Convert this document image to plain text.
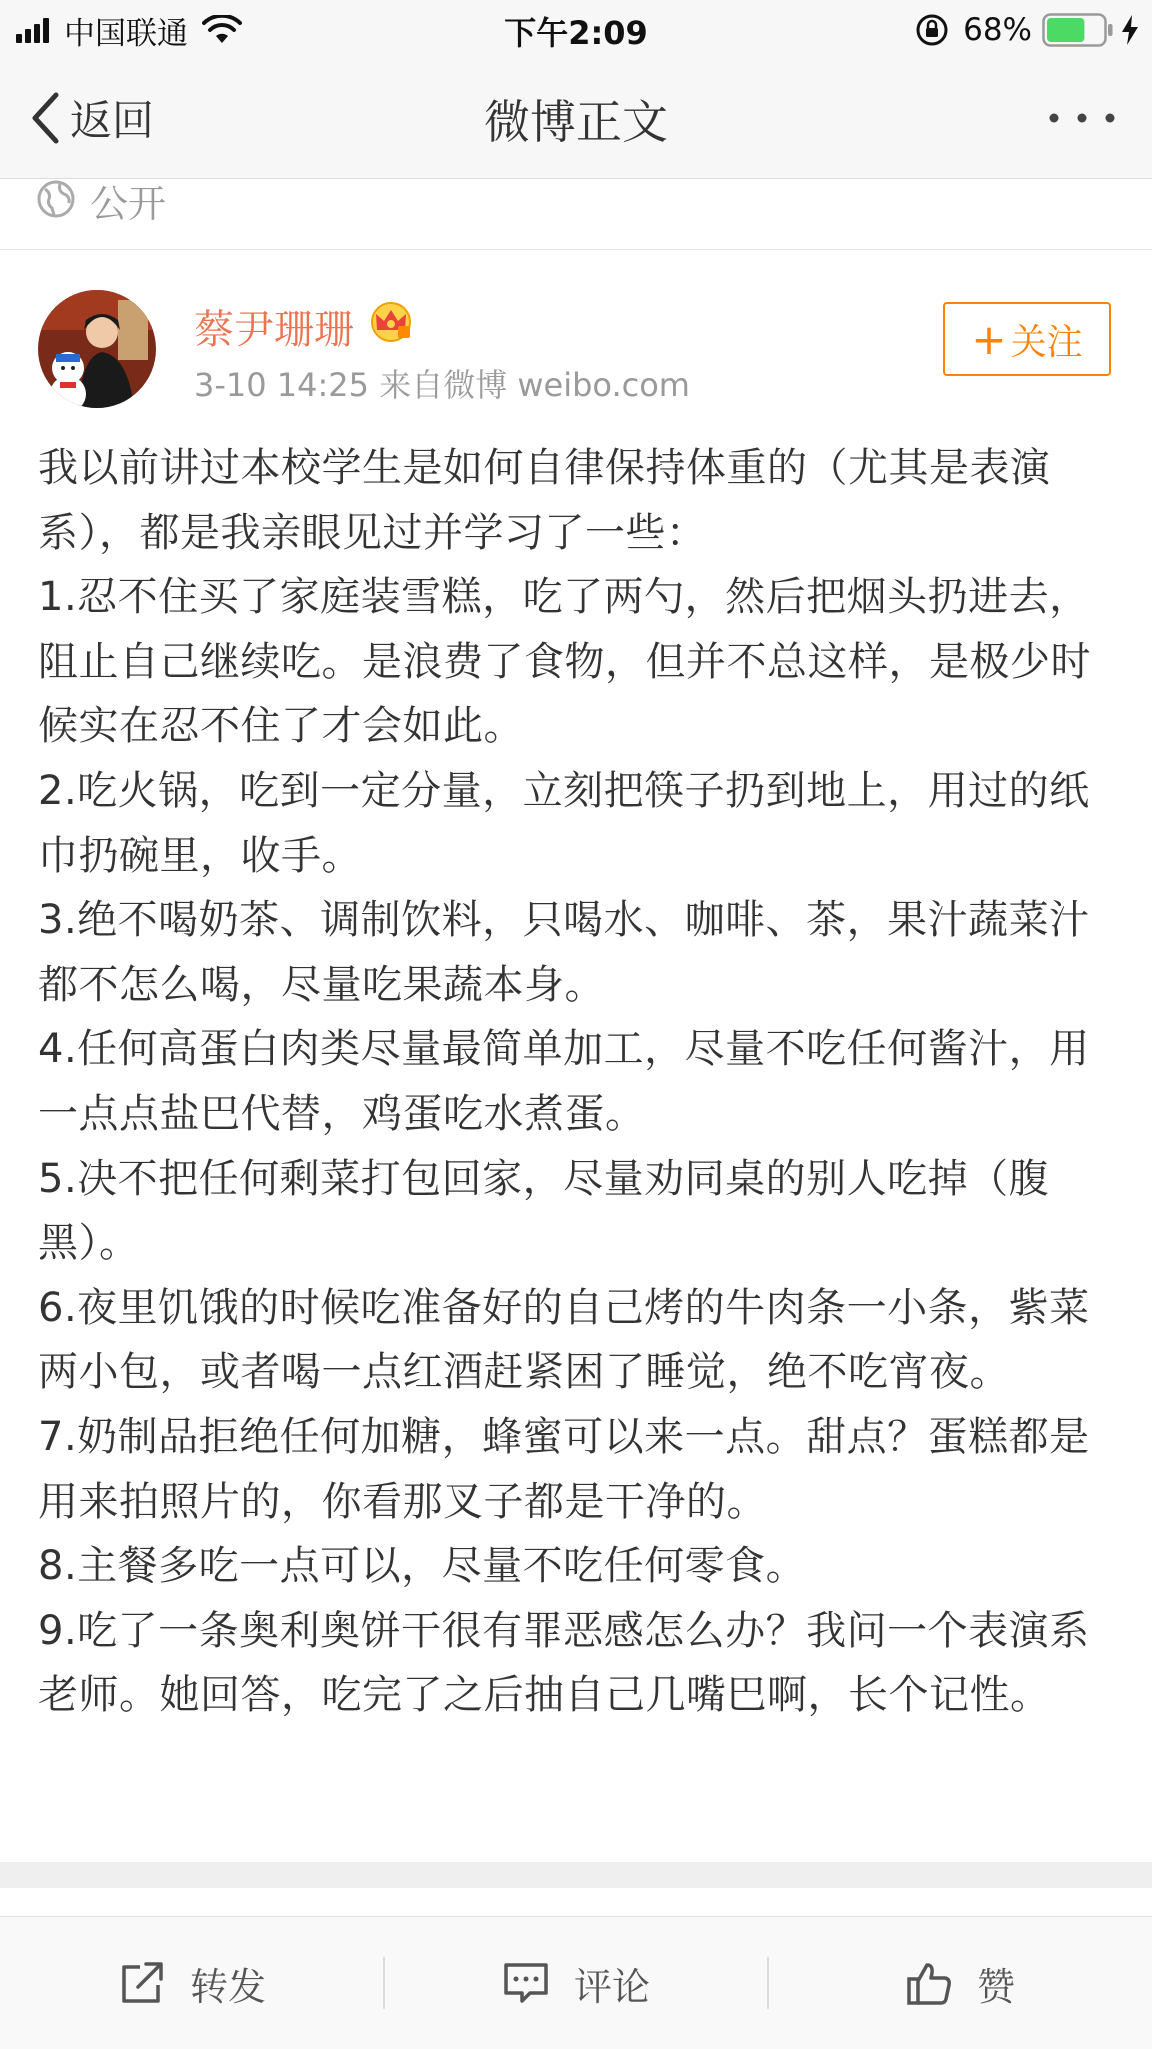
中国联通	下午2:09	68%
返回	微博正文
公开
蔡尹珊珊
3-10 14:25 来自微博 weibo.com
+ 关注
我以前讲过本校学生是如何自律保持体重的（尤其是表演系），都是我亲眼见过并学习了一些：
1.忍不住买了家庭装雪糕，吃了两勺，然后把烟头扔进去，阻止自己继续吃。是浪费了食物，但并不总这样，是极少时候实在忍不住了才会如此。
2.吃火锅，吃到一定分量，立刻把筷子扔到地上，用过的纸巾扔碗里，收手。
3.绝不喝奶茶、调制饮料，只喝水、咖啡、茶，果汁蔬菜汁都不怎么喝，尽量吃果蔬本身。
4.任何高蛋白肉类尽量最简单加工，尽量不吃任何酱汁，用一点点盐巴代替，鸡蛋吃水煮蛋。
5.决不把任何剩菜打包回家，尽量劝同桌的别人吃掉（腹黑）。
6.夜里饥饿的时候吃准备好的自己烤的牛肉条一小条，紫菜两小包，或者喝一点红酒赶紧困了睡觉，绝不吃宵夜。
7.奶制品拒绝任何加糖，蜂蜜可以来一点。甜点？蛋糕都是用来拍照片的，你看那叉子都是干净的。
8.主餐多吃一点可以，尽量不吃任何零食。
9.吃了一条奥利奥饼干很有罪恶感怎么办？我问一个表演系老师。她回答，吃完了之后抽自己几嘴巴啊，长个记性。
转发	评论	赞
